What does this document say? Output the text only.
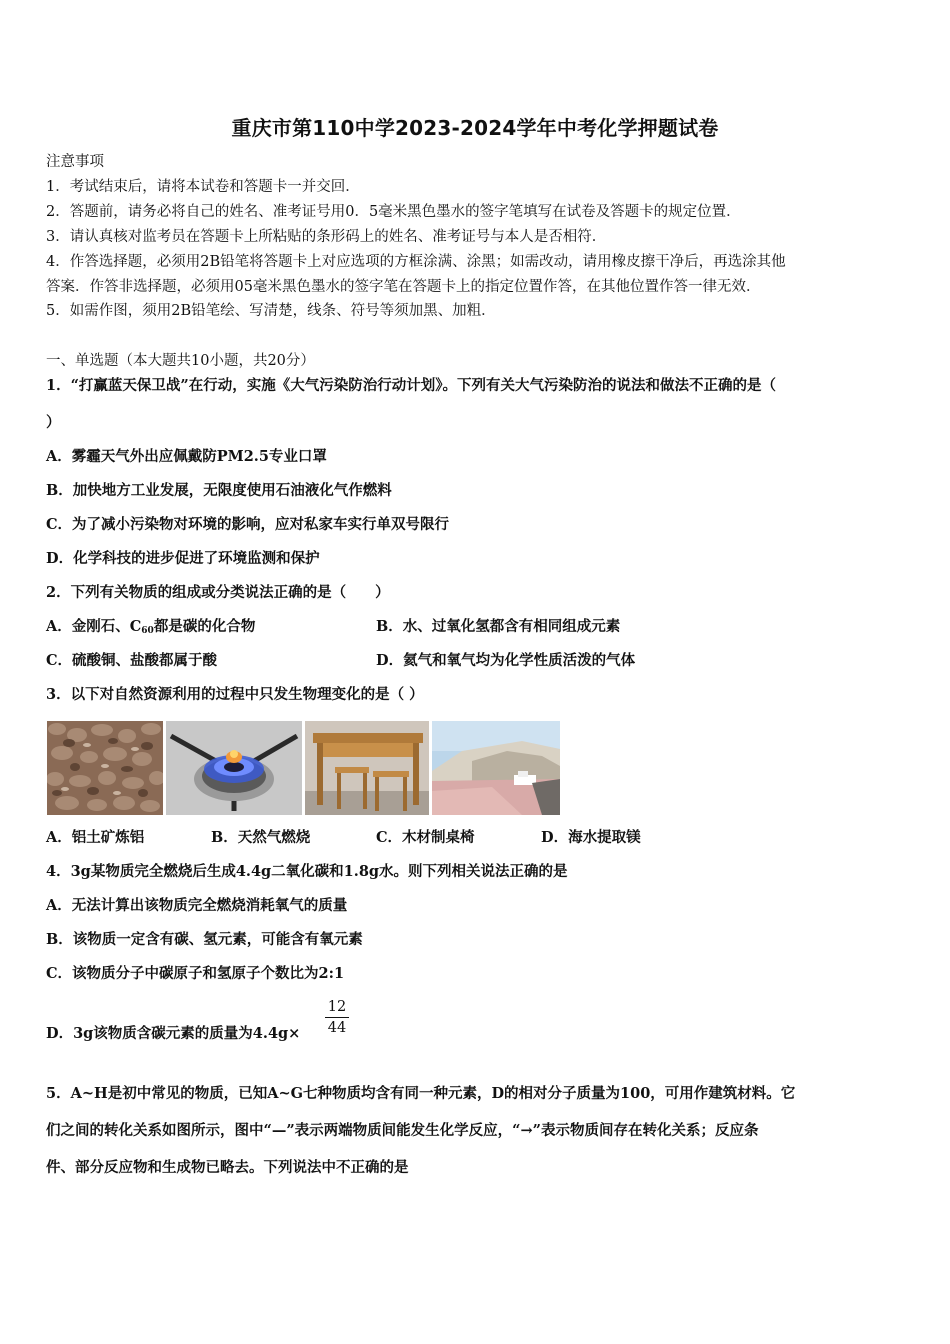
重庆市第110中学2023-2024学年中考化学押题试卷
注意事项
1．考试结束后，请将本试卷和答题卡一并交回．
2．答题前，请务必将自己的姓名、准考证号用0．5毫米黑色墨水的签字笔填写在试卷及答题卡的规定位置．
3．请认真核对监考员在答题卡上所粘贴的条形码上的姓名、准考证号与本人是否相符．
4．作答选择题，必须用2B铅笔将答题卡上对应选项的方框涂满、涂黑；如需改动，请用橡皮擦干净后，再选涂其他
答案．作答非选择题，必须用05毫米黑色墨水的签字笔在答题卡上的指定位置作答，在其他位置作答一律无效．
5．如需作图，须用2B铅笔绘、写清楚，线条、符号等须加黑、加粗．
一、单选题（本大题共10小题，共20分）
1．“打赢蓝天保卫战”在行动，实施《大气污染防治行动计划》。下列有关大气污染防治的说法和做法不正确的是（
）
A．雾霾天气外出应佩戴防PM2.5专业口罩
B．加快地方工业发展，无限度使用石油液化气作燃料
C．为了减小污染物对环境的影响，应对私家车实行单双号限行
D．化学科技的进步促进了环境监测和保护
2．下列有关物质的组成或分类说法正确的是（　　）
A．金刚石、$C_{60}$都是碳的化合物	B．水、过氧化氢都含有相同组成元素
C．硫酸铜、盐酸都属于酸	D．氦气和氧气均为化学性质活泼的气体
3．以下对自然资源利用的过程中只发生物理变化的是（ ）
A．铝土矿炼铝	B．天然气燃烧	C．木材制桌椅	D．海水提取镁
4．3g某物质完全燃烧后生成4.4g二氧化碳和1.8g水。则下列相关说法正确的是
A．无法计算出该物质完全燃烧消耗氧气的质量
B．该物质一定含有碳、氢元素，可能含有氧元素
C．该物质分子中碳原子和氢原子个数比为2:1
D．3g该物质含碳元素的质量为4.4g×
12
44
5．A~H是初中常见的物质，已知A~G七种物质均含有同一种元素，D的相对分子质量为100，可用作建筑材料。它
们之间的转化关系如图所示，图中“—”表示两端物质间能发生化学反应，“→”表示物质间存在转化关系；反应条
件、部分反应物和生成物已略去。下列说法中不正确的是
